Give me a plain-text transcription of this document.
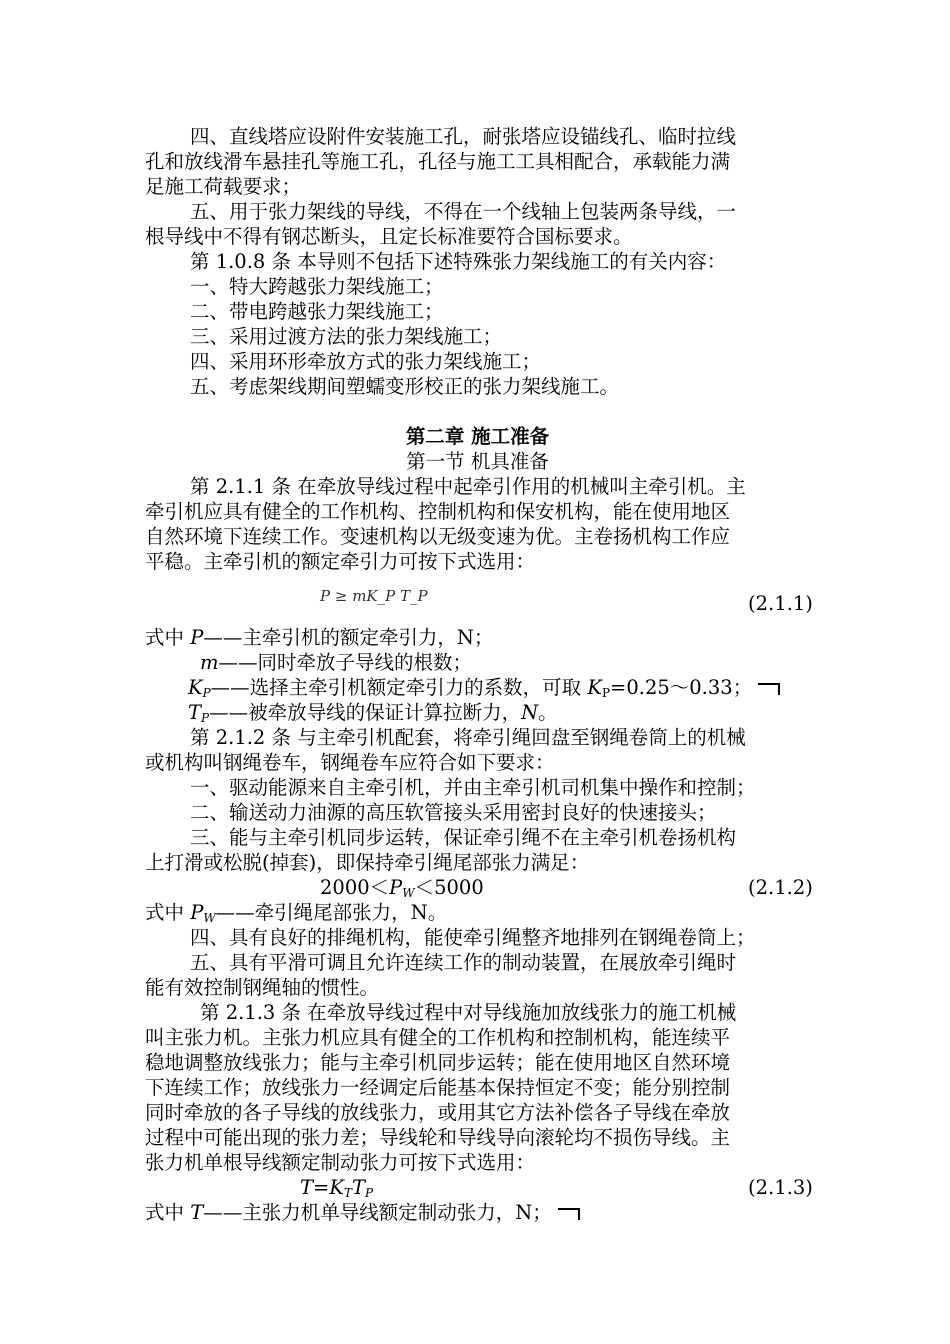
四、直线塔应设附件安装施工孔，耐张塔应设锚线孔、临时拉线
孔和放线滑车悬挂孔等施工孔，孔径与施工工具相配合，承载能力满
足施工荷载要求；
五、用于张力架线的导线，不得在一个线轴上包装两条导线，一
根导线中不得有钢芯断头，且定长标准要符合国标要求。
第 1.0.8 条 本导则不包括下述特殊张力架线施工的有关内容：
一、特大跨越张力架线施工；
二、带电跨越张力架线施工；
三、采用过渡方法的张力架线施工；
四、采用环形牵放方式的张力架线施工；
五、考虑架线期间塑蠕变形校正的张力架线施工。
第二章 施工准备
第一节 机具准备
第 2.1.1 条 在牵放导线过程中起牵引作用的机械叫主牵引机。主
牵引机应具有健全的工作机构、控制机构和保安机构，能在使用地区
自然环境下连续工作。变速机构以无级变速为优。主卷扬机构工作应
平稳。主牵引机的额定牵引力可按下式选用：
P ≥ mK_P T_P	(2.1.1)
式中 P——主牵引机的额定牵引力，N；
m——同时牵放子导线的根数；
$K_P——$选择主牵引机额定牵引力的系数，可取 $K_P=0.25\sim 0.33$；
$T_P——$被牵放导线的保证计算拉断力，N。
第 2.1.2 条 与主牵引机配套，将牵引绳回盘至钢绳卷筒上的机械
或机构叫钢绳卷车，钢绳卷车应符合如下要求：
一、驱动能源来自主牵引机，并由主牵引机司机集中操作和控制；
二、输送动力油源的高压软管接头采用密封良好的快速接头；
三、能与主牵引机同步运转，保证牵引绳不在主牵引机卷扬机构
上打滑或松脱(掉套)，即保持牵引绳尾部张力满足：
$2000<P_W<5000$	(2.1.2)
式中 $P_W——$牵引绳尾部张力，N。
四、具有良好的排绳机构，能使牵引绳整齐地排列在钢绳卷筒上；
五、具有平滑可调且允许连续工作的制动装置，在展放牵引绳时
能有效控制钢绳轴的惯性。
第 2.1.3 条 在牵放导线过程中对导线施加放线张力的施工机械
叫主张力机。主张力机应具有健全的工作机构和控制机构，能连续平
稳地调整放线张力；能与主牵引机同步运转；能在使用地区自然环境
下连续工作；放线张力一经调定后能基本保持恒定不变；能分别控制
同时牵放的各子导线的放线张力，或用其它方法补偿各子导线在牵放
过程中可能出现的张力差；导线轮和导线导向滚轮均不损伤导线。主
张力机单根导线额定制动张力可按下式选用：
$T=K_TT_P$	(2.1.3)
式中 T——主张力机单导线额定制动张力，N；
